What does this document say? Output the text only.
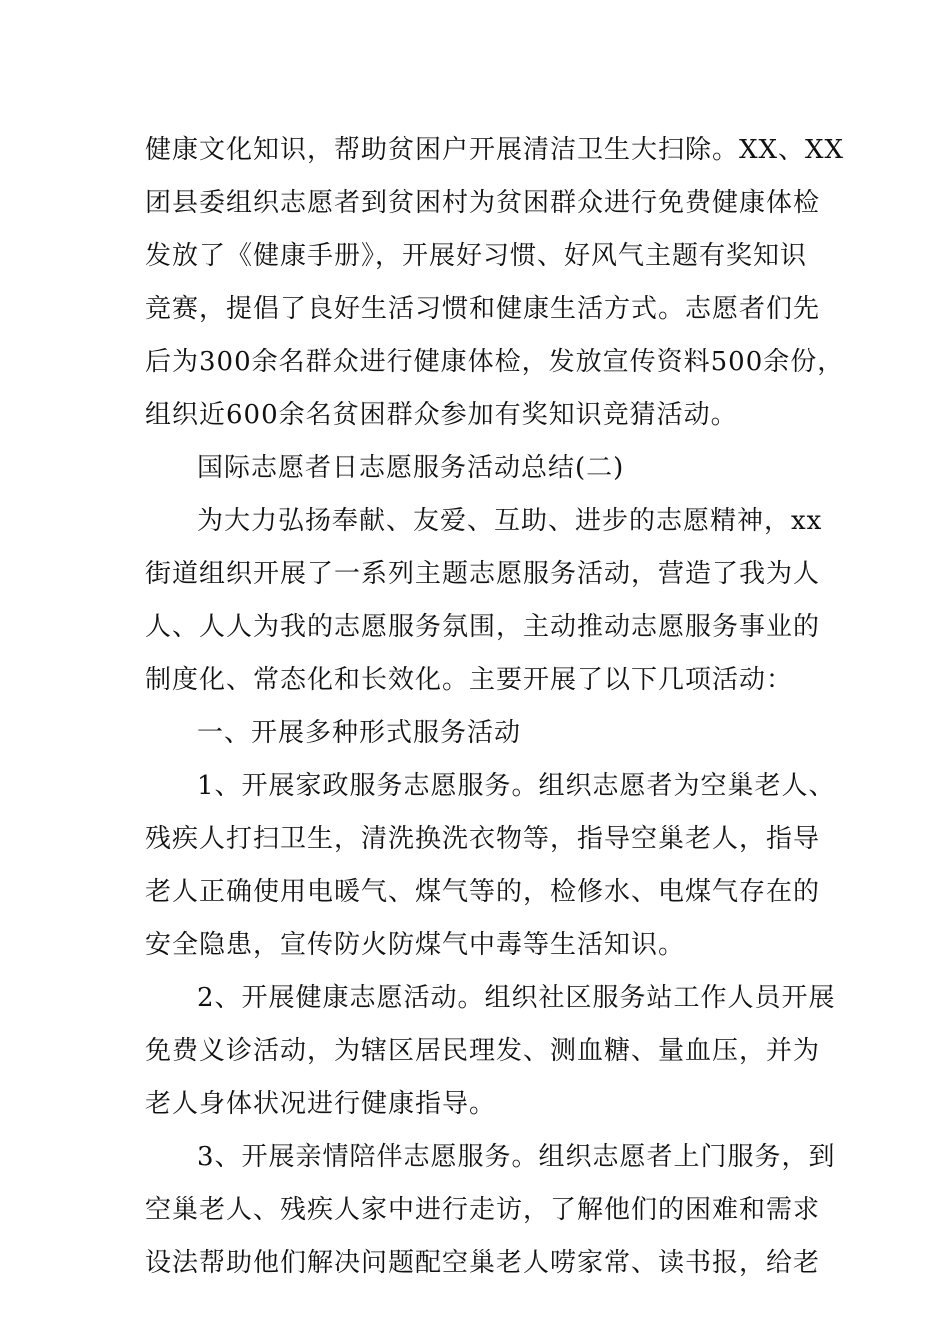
健康文化知识，帮助贫困户开展清洁卫生大扫除。XX、XX
团县委组织志愿者到贫困村为贫困群众进行免费健康体检
发放了《健康手册》，开展好习惯、好风气主题有奖知识
竞赛，提倡了良好生活习惯和健康生活方式。志愿者们先
后为300余名群众进行健康体检，发放宣传资料500余份，
组织近600余名贫困群众参加有奖知识竞猜活动。
国际志愿者日志愿服务活动总结(二)
为大力弘扬奉献、友爱、互助、进步的志愿精神，xx
街道组织开展了一系列主题志愿服务活动，营造了我为人
人、人人为我的志愿服务氛围，主动推动志愿服务事业的
制度化、常态化和长效化。主要开展了以下几项活动：
一、开展多种形式服务活动
1、开展家政服务志愿服务。组织志愿者为空巢老人、
残疾人打扫卫生，清洗换洗衣物等，指导空巢老人，指导
老人正确使用电暖气、煤气等的，检修水、电煤气存在的
安全隐患，宣传防火防煤气中毒等生活知识。
2、开展健康志愿活动。组织社区服务站工作人员开展
免费义诊活动，为辖区居民理发、测血糖、量血压，并为
老人身体状况进行健康指导。
3、开展亲情陪伴志愿服务。组织志愿者上门服务，到
空巢老人、残疾人家中进行走访，了解他们的困难和需求
设法帮助他们解决问题配空巢老人唠家常、读书报，给老
